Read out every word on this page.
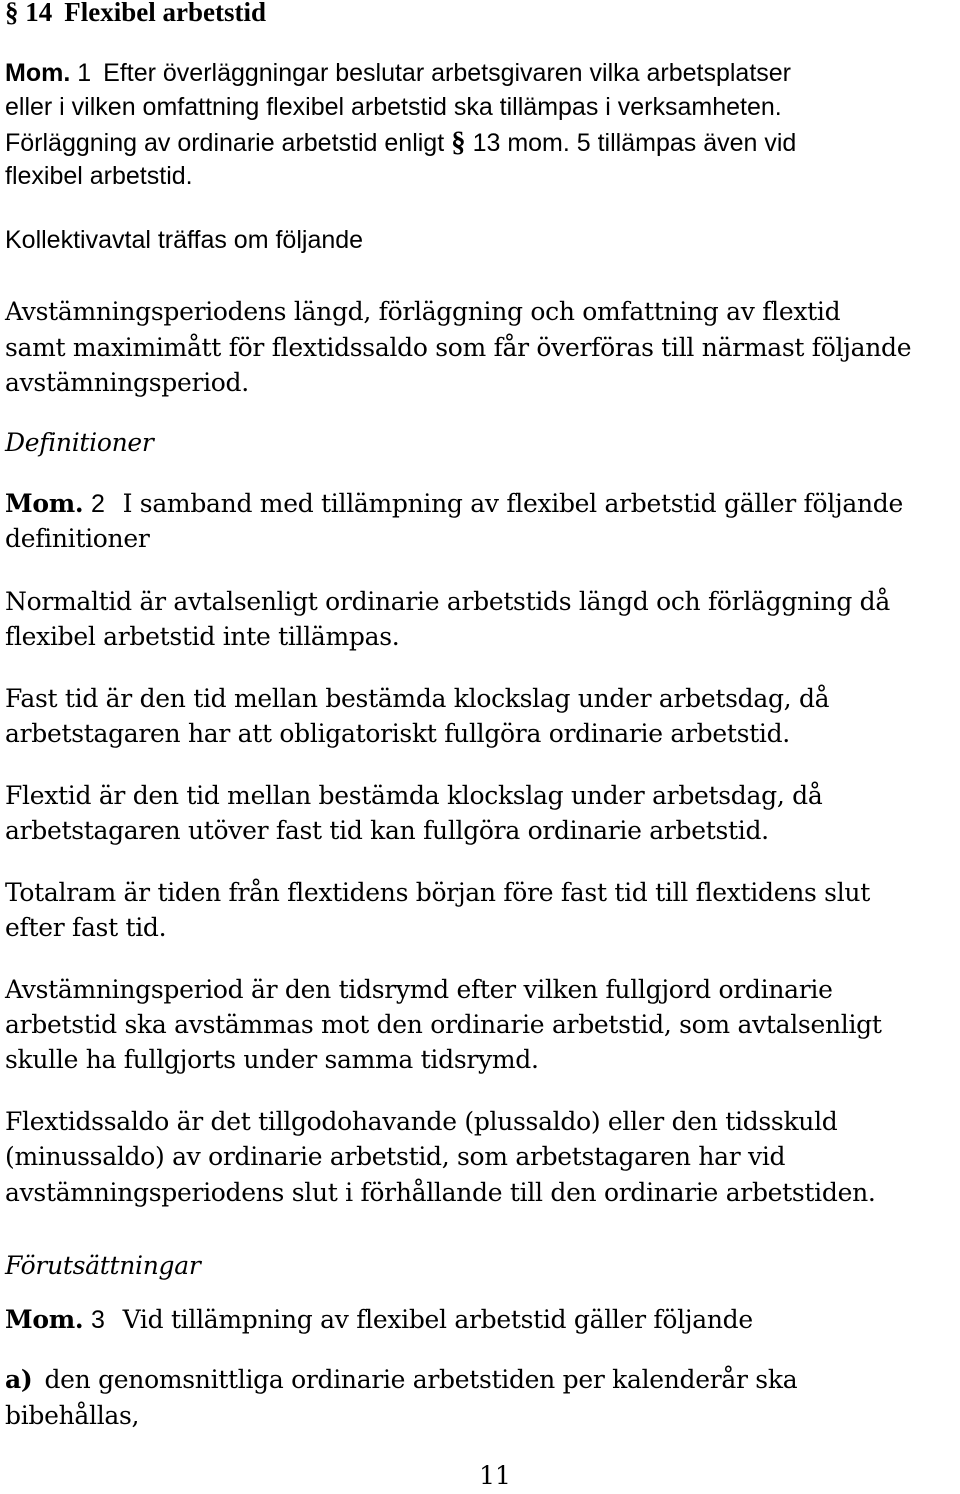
§ 14 Flexibel arbetstid
Mom. 1 Efter överläggningar beslutar arbetsgivaren vilka arbetsplatser
eller i vilken omfattning flexibel arbetstid ska tillämpas i verksamheten.
Förläggning av ordinarie arbetstid enligt § 13 mom. 5 tillämpas även vid
flexibel arbetstid.
Kollektivavtal träffas om följande
Avstämningsperiodens längd, förläggning och omfattning av flextid
samt maximimått för flextidssaldo som får överföras till närmast följande
avstämningsperiod.
Definitioner
Mom. 2 I samband med tillämpning av flexibel arbetstid gäller följande
definitioner
Normaltid är avtalsenligt ordinarie arbetstids längd och förläggning då
flexibel arbetstid inte tillämpas.
Fast tid är den tid mellan bestämda klockslag under arbetsdag, då
arbetstagaren har att obligatoriskt fullgöra ordinarie arbetstid.
Flextid är den tid mellan bestämda klockslag under arbetsdag, då
arbetstagaren utöver fast tid kan fullgöra ordinarie arbetstid.
Totalram är tiden från flextidens början före fast tid till flextidens slut
efter fast tid.
Avstämningsperiod är den tidsrymd efter vilken fullgjord ordinarie
arbetstid ska avstämmas mot den ordinarie arbetstid, som avtalsenligt
skulle ha fullgjorts under samma tidsrymd.
Flextidssaldo är det tillgodohavande (plussaldo) eller den tidsskuld
(minussaldo) av ordinarie arbetstid, som arbetstagaren har vid
avstämningsperiodens slut i förhållande till den ordinarie arbetstiden.
Förutsättningar
Mom. 3 Vid tillämpning av flexibel arbetstid gäller följande
a) den genomsnittliga ordinarie arbetstiden per kalenderår ska
bibehållas,
11
